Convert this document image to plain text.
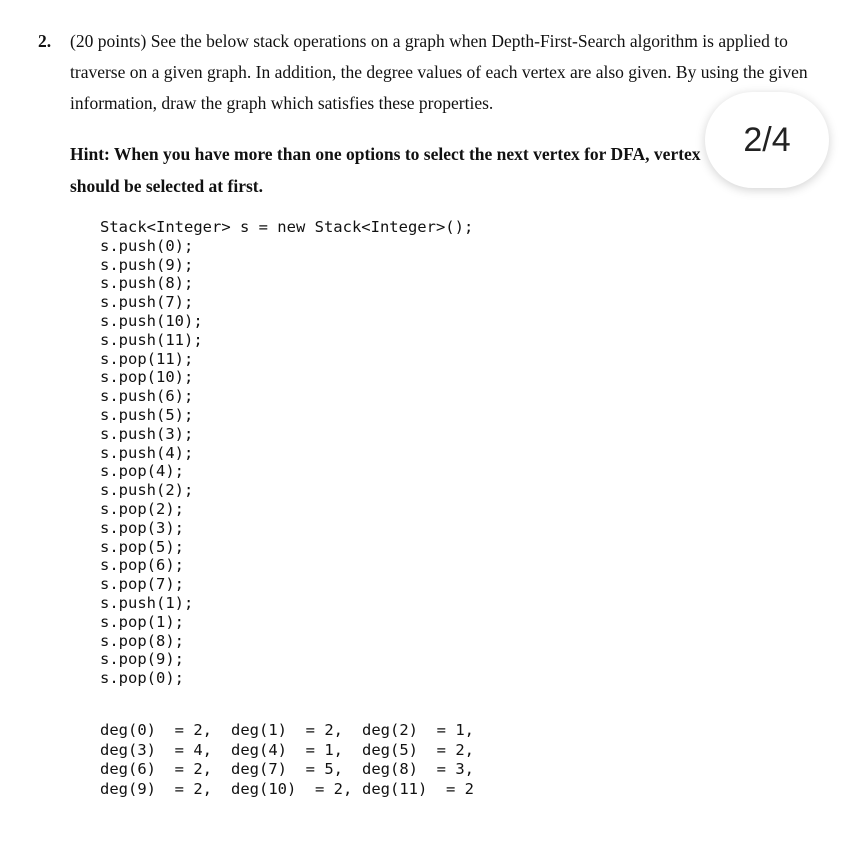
2. (20 points) See the below stack operations on a graph when Depth-First-Search algorithm is applied to traverse on a given graph. In addition, the degree values of each vertex are also given. By using the given information, draw the graph which satisfies these properties.
Hint: When you have more than one options to select the next vertex for DFA, vertex should be selected at first.
2/4
Stack<Integer> s = new Stack<Integer>();
s.push(0);
s.push(9);
s.push(8);
s.push(7);
s.push(10);
s.push(11);
s.pop(11);
s.pop(10);
s.push(6);
s.push(5);
s.push(3);
s.push(4);
s.pop(4);
s.push(2);
s.pop(2);
s.pop(3);
s.pop(5);
s.pop(6);
s.pop(7);
s.push(1);
s.pop(1);
s.pop(8);
s.pop(9);
s.pop(0);
deg(0)  = 2,	deg(1)  = 2,	deg(2)  = 1,
deg(3)  = 4,	deg(4)  = 1,	deg(5)  = 2,
deg(6)  = 2,	deg(7)  = 5,	deg(8)  = 3,
deg(9)  = 2,	deg(10)  = 2, deg(11)  = 2
